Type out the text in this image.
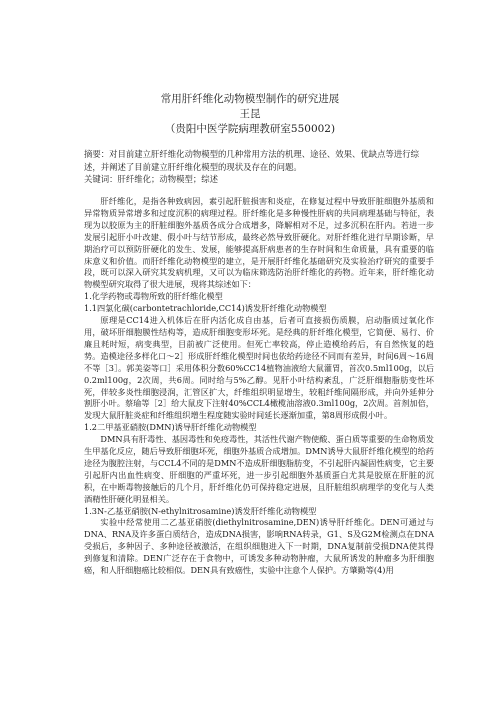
常用肝纤维化动物模型制作的研究进展
王昆
（贵阳中医学院病理教研室550002)

摘要：对目前建立肝纤维化动物模型的几种常用方法的机理、途径、效果、优缺点等进行综述，并阐述了目前建立肝纤维化模型的现状及存在的问题。

关键词：肝纤维化；动物模型；综述

肝纤维化，是指各种致病因，素引起肝脏损害和炎症，在修复过程中导致肝脏细胞外基质和异常物质异常增多和过度沉积的病理过程。肝纤维化是多种慢性肝病的共同病理基础与特征，表现为以胶原为主的肝脏细胞外基质各成分合成增多，降解相对不足，过多沉积在肝内。若进一步发展引起肝小叶改建、假小叶与结节形成，最终必然导致肝硬化。对肝纤维化进行早期诊断，早期治疗可以预防肝硬化的发生、发展，能够提高肝病患者的生存时间和生命质量，具有重要的临床意义和价值。而肝纤维化动物模型的建立，是开展肝纤维化基础研究及实验治疗研究的重要手段，既可以深入研究其发病机理，又可以为临床筛选防治肝纤维化的药物。近年来，肝纤维化动物模型研究取得了很大进展，现将其综述如下：

1.化学药物或毒物所致的肝纤维化模型

1.1四氯化碳(carbontetrachloride,CC14)诱发肝纤维化动物模型

原理是CC14进入机体后在肝内活化成自由基，后者可直接损伤质膜，启动脂质过氧化作用，破坏肝细胞膜性结构等，造成肝细胞变形坏死。是经典的肝纤维化模型，它简便、易行、价廉且耗时短，病变典型，目前被广泛使用。但死亡率较高，停止造模给药后，有自然恢复的趋势。造模途径多样化口～2］形成肝纤维化模型时间也依给药途径不同而有差异，时间6周～16周不等［3］。郭美姿等口］采用体积分数60%CC14植物油液给大鼠灌胃，首次0.5ml100g，以后0.2ml100g，2次周，共6周。同时给与5%乙醇。见肝小叶结构紊乱，广泛肝细胞脂肪变性坏死，伴较多炎性细胞浸润，汇管区扩大，纤维组织明显增生，较粗纤维间隔形成，并向外延伸分割肝小叶。蔡瑜等［2］给大鼠皮下注射40%CCL4橄榄油溶液0.3ml100g，2次周。首剂加倍，发现大鼠肝脏炎症和纤维组织增生程度随实验时间延长逐渐加重，第8周形成假小叶。

1.2二甲基亚硝胺(DMN)诱导肝纤维化动物模型

DMN具有肝毒性、基因毒性和免疫毒性，其活性代谢产物使酸、蛋白质等重要的生命物质发生甲基化反应，随后导致肝细胞坏死，细胞外基质合成增加。DMN诱导大鼠肝纤维化模型的给药途径为腹腔注射，与CCL4不同的是DMN不造成肝细胞脂肪变，不引起肝内凝固性病变，它主要引起肝内出血性病变、肝细胞的严重坏死，进一步引起细胞外基质蛋白尤其是胶原在肝脏的沉积，在中断毒物接触后的几个月，肝纤维化仍可保持稳定进展，且肝脏组织病理学的变化与人类酒精性肝硬化明显相关。

1.3N-乙基亚硝胺(N-ethylnitrosamine)诱发肝纤维化动物模型

实验中经常使用二乙基亚硝胺(diethylnitrosamine,DEN)诱导肝纤维化。DEN可通过与DNA、RNA及许多蛋白质结合，造成DNA损害，影响RNA转录，G1、S及G2M检测点在DNA受损后，多种因子、多种途径被激活，在组织细胞进入下一时期，DNA复制前受损DNA使其得到修复和清除。DEN广泛存在于食物中，可诱发多种动物肿瘤，大鼠所诱发的肿瘤多为肝细胞癌，和人肝细胞癌比较相似。DEN具有致癌性，实验中注意个人保护。方肇勤等(4)用
